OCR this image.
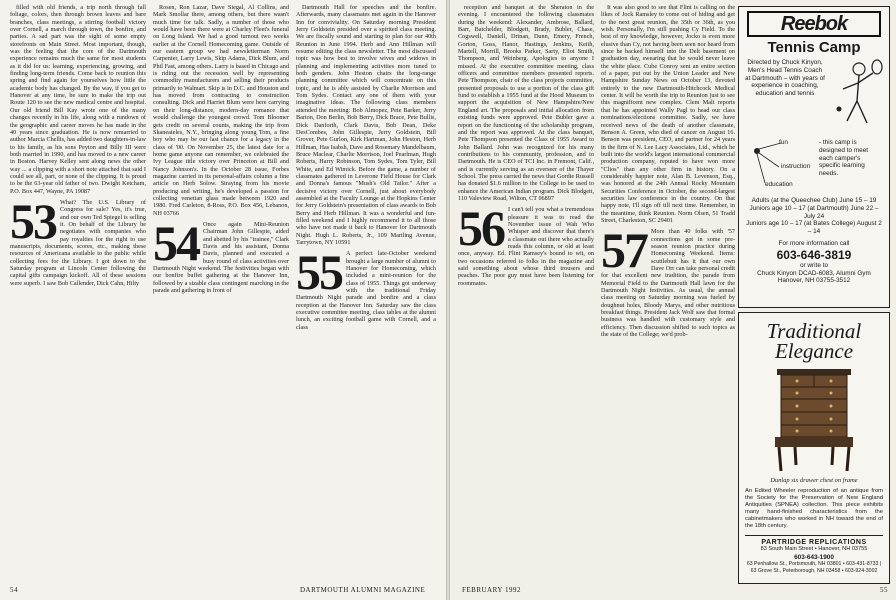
filled with old friends, a trip north through fall foliage, colors, then through brown leaves and bare branches, class meetings, a stirring football victory over Cornell, a march through town, the bonfire, and parties. A sad part was the sight of some empty storefronts on Main Street. Most important, though, was the feeling that the core of the Dartmouth experience remains much the same for most students as it did for us: learning, experiencing, growing, and finding long-term friends. Come back to reunion this spring and find again for yourselves how little the academic body has changed. By the way, if you get to Hanover at any time, be sure to make the trip out Route 120 to see the new medical centre and hospital. Our old friend Bill Kay wrote one of the many changes recently in his life, along with a rundown of the geographic and career moves he has made in the 40 years since graduation. He is now remarried to author Marcia Chellis, has added two daughters-in-law to his family, as his sons Peyton and Billy III were both married in 1990, and has moved to a new career in Boston. Harvey Kelley sent along news the other way ... a clipping with a short note attached that said I could see all, part, or none of the clipping. It is proud to be the 63-year old father of two. Dwight Ketcham, P.O. Box 447, Wayne, PA 19087

53 What? The U.S. Library of Congress for sale? Yes, it's true, and our own Ted Spiegel is selling it. On behalf of the Library he negotiates with companies who pay royalties for the right to use manuscripts, documents, scores, etc., making these resources of Americana available to the public while collecting fees for the Library. I got down to the Saturday program at Lincoln Center following the capital gifts campaign kickoff. All of these sessions were superb. I saw Bob Callender, Dick Cahn, Hilty

Rosen, Ron Lazar, Dave Siegal, Al Collins, and Mark Smollar there, among others, but there wasn't much time for talk. Sadly, a number of those who would have been there were at Charley Fleet's funeral on Long Island. We had a good turnout two weeks earlier at the Cornell Homecoming game. Outside of our eastern group we had newsletterman Norm Carpenter, Larry Lewis, Skip Adams, Dick Blum, and Phil Fast, among others. Larry is based in Chicago and is riding out the recession well by representing commodity manufacturers and selling their products primarily to Walmart. Skip is in D.C. and Houston and has moved from contracting to construction consulting. Dick and Harriet Blum were here carrying on their long-distance, modern-day romance that would challenge the youngest crowd. Tom Bloomer gets credit on several counts, making the trip from Skaneateles, N.Y., bringing along young Tom, a fine boy who may be our last chance for a legacy in the class of '00. On November 25, the latest date for a home game anyone can remember, we celebrated the Ivy League title victory over Princeton at Bill and Nancy Johnson's. In the October 28 issue, Forbes magazine carried in its personal-affairs column a fine article on Herb Solow. Straying from his movie producing and writing, he's developed a passion for collecting venetian glass made between 1920 and 1980. Fred Carleton, 8-Ross, P.O. Box 456, Lebanon, NH 03766

54 Once again Mini-Reunion Chairman John Gillespie, aided and abetted by his "trainee," Clark Davis and his assistant, Donna Davis, planned and executed a busy round of class activities over Dartmouth Night weekend. The festivities began with our bonfire buffet gathering at the Hanover Inn, followed by a sizable class contingent marching in the parade and gathering in front of

Dartmouth Hall for speeches and the bonfire. Afterwards, many classmates met again in the Hanover Inn for conviviality. On Saturday morning President Jerry Goldstein presided over a spirited class meeting. We are fiscally sound and starting to plan for our 40th Reunion in June 1994. Herb and Ann Hillman will resume editing the class newsletter. The most discussed topic was how best to involve wives and widows in planning and implementing activities more tuned to both genders. John Heston chairs the long-range planning committee which will concentrate on this topic, and he is ably assisted by Charlie Morrison and Tom Sydes. Contact any one of them with your imaginative ideas. The following class members attended the meeting: Bob Almopez, Pete Barker, Jerry Barton, Don Berlin, Bob Berry, Dick Brace, Pete Bullis, Dick Danforth, Clark Davis, Bob Dean, Deke DesCombes, John Gillespie, Jerry Goldstein, Bill Grover, Pete Gurlon, Kirk Hartman, John Heston, Herb Hillman, Has Isabsh, Dave and Rosemary Mandelbaum, Bruce Maclear, Charlie Morrison, Joel Pearlman, Hugh Roberts, Harry Robinson, Tom Sydes, Tom Tyler, Bill White, and Ed Wimick. Before the game, a number of classmates gathered in Leverone Field House for Clark and Donna's famous "Mush's Old Tailor." After a decisive victory over Cornell, just about everybody assembled at the Faculty Lounge at the Hopkins Center for Jerry Goldstein's presentation of class awards to Bob Berry and Herb Hillman. It was a wonderful and fun-filled weekend and I highly recommend it to all those who have not made it back to Hanover for Dartmouth Night. Hugh L. Roberts, Jr., 109 Martling Avenue, Tarrytown, NY 10591

55 A perfect late-October weekend brought a large number of alumni to Hanover for Homecoming, which included a mini-reunion for the class of 1955. Things got underway with the traditional Friday Dartmouth Night parade and bonfire and a class reception at the Hanover Inn. Saturday saw the class executive committee meeting, class tables at the alumni lunch, an exciting football game with Cornell, and a class
54	DARTMOUTH ALUMNI MAGAZINE

reception and banquet at the Sheraton in the evening. I encountered the following classmates during the weekend: Alexander, Ambrose, Ballard, Barr, Batchelder, Blodgett, Brady, Bubler, Chase, Cogswell, Daniell, Drinan, Dunn, Emery, French, Gorton, Goss, Hanor, Hastings, Jenkins, Keith, Martell, Morrill, Brooks Parker, Sarty, Eliot Smith, Thompson, and Weinberg. Apologies to anyone I missed. At the executive committee meeting, class officers and committee members presented reports. Pete Thompson, chair of the class projects committee, presented proposals to use a portion of the class gift fund to establish a 1955 fund at the Hood Museum to support the acquisition of New Hampshire/New England art. The proposals and initial allocation from existing funds were approved. Pete Bubler gave a report on the functioning of the scholarship program, and the report was approved. At the class banquet, Pete Thompson presented the Class of 1955 Award to John Ballard. John was recognized for his many contributions to his community, profession, and to Dartmouth. He is CEO of TCI Inc. in Fremont, Calif., and is currently serving as an overseer of the Thayer School. The press carried the news that Gordie Russell has donated $1.6 million to the College to be used to enhance the American Indian program. Dick Blodgett, 110 Valeview Road, Wilton, CT 06897

56 I can't tell you what a tremendous pleasure it was to read the November issue of Wah Who Whisper and discover that there's a classmate out there who actually reads this column, or old at least once, anyway. Ed. Flint Ramsey's bound to wit, on two occasions referred to folks in the magazine and said something about whose third trousers and peaches. The poor guy must have been listening for roommates.

It was also good to see that Flint is calling on the likes of Jock Ramsley to come out of hiding and get to the next great reunion, the 35th or 36th, as you wish. Personally, I'm still pushing Cy Field. To the best of my knowledge, however, Jocko is even more elusive than Cy, not having been seen nor heard from since he backed himself into the Delt basement on graduation day, swearing that he would never leave the white place. Cube Conroy sent an entire section of a paper, put out by the Union Leader and New Hampshire Sunday News on October 13, devoted entirely to the new Dartmouth-Hitchcock Medical center. It will be worth the trip to Reunion just to see this magnificent new complex. Clem Malt reports that he has appointed Wally Pagl to head our class nominations/elections committee. Sadly, we have received news of the death of another classmate, Benson A. Green, who died of cancer on August 16. Benson was president, CEO, and partner for 24 years in the firm of N. Lee Lacy Associates, Ltd., which he built into the world's largest international commercial production company, reputed to have won more "Clios" than any other firm in history. On a considerably happier note, Alan B. Levenson, Esq., was honored at the 24th Annual Rocky Mountain Securities Conference in October, the second-largest securities law conference in the country. On that happy note, I'll sign off till next time. Remember, in the meantime, think Reunion. Norm Olsen, 51 Tradd Street, Charleston, SC 29401

57 More than 40 folks with '57 connections got in some pre-season reunion practice during Homecoming Weekend. Items: scuttlebutt has it that our own Dave Orr can take personal credit for that excellent new tradition, the parade from Memorial Field to the Dartmouth Hall lawn for the Dartmouth Night festivities. As usual, the annual class meeting on Saturday morning was fueled by doughnut holes, Bloody Marys, and other nutritious breakfast things. President Jack Wolf saw that formal business was handled with customary style and efficiency. Then discussion shifted to such topics as the state of the College; we'd prob-
FEBRUARY 1992	55
Reebok
Tennis Camp
Directed by Chuck Kinyon, Men's Head Tennis Coach at Dartmouth – with years of experience in coaching, education and tennis
fun
instruction
education
- this camp is designed to meet each camper's specific learning needs.
Adults (at the Queechee Club) June 15 – 19
Juniors age 10 – 17 (at Dartmouth) June 22 – July 24
Juniors age 10 – 17 (at Bates College) August 2 – 14
For more information call
603-646-3819
or write to
Chuck Kinyon DCAD-6083, Alumni Gym Hanover, NH 03755-3512
Traditional
Elegance
Dunlap six drawer chest on frame
An Edited Wheeler reproduction of an antique from the Society for the Preservation of New England Antiquities (SPNEA) collection. This piece exhibits many hand-finished characteristics from the cabinetmakers who worked in NH toward the end of the 18th century.
PARTRIDGE REPLICATIONS
83 South Main Street • Hanover, NH 03755
603-643-1900
63 Penhallow St., Portsmouth, NH 03801 • 603-431-8733 | 63 Grove St., Peterborough, NH 03458 • 603-924-3002
